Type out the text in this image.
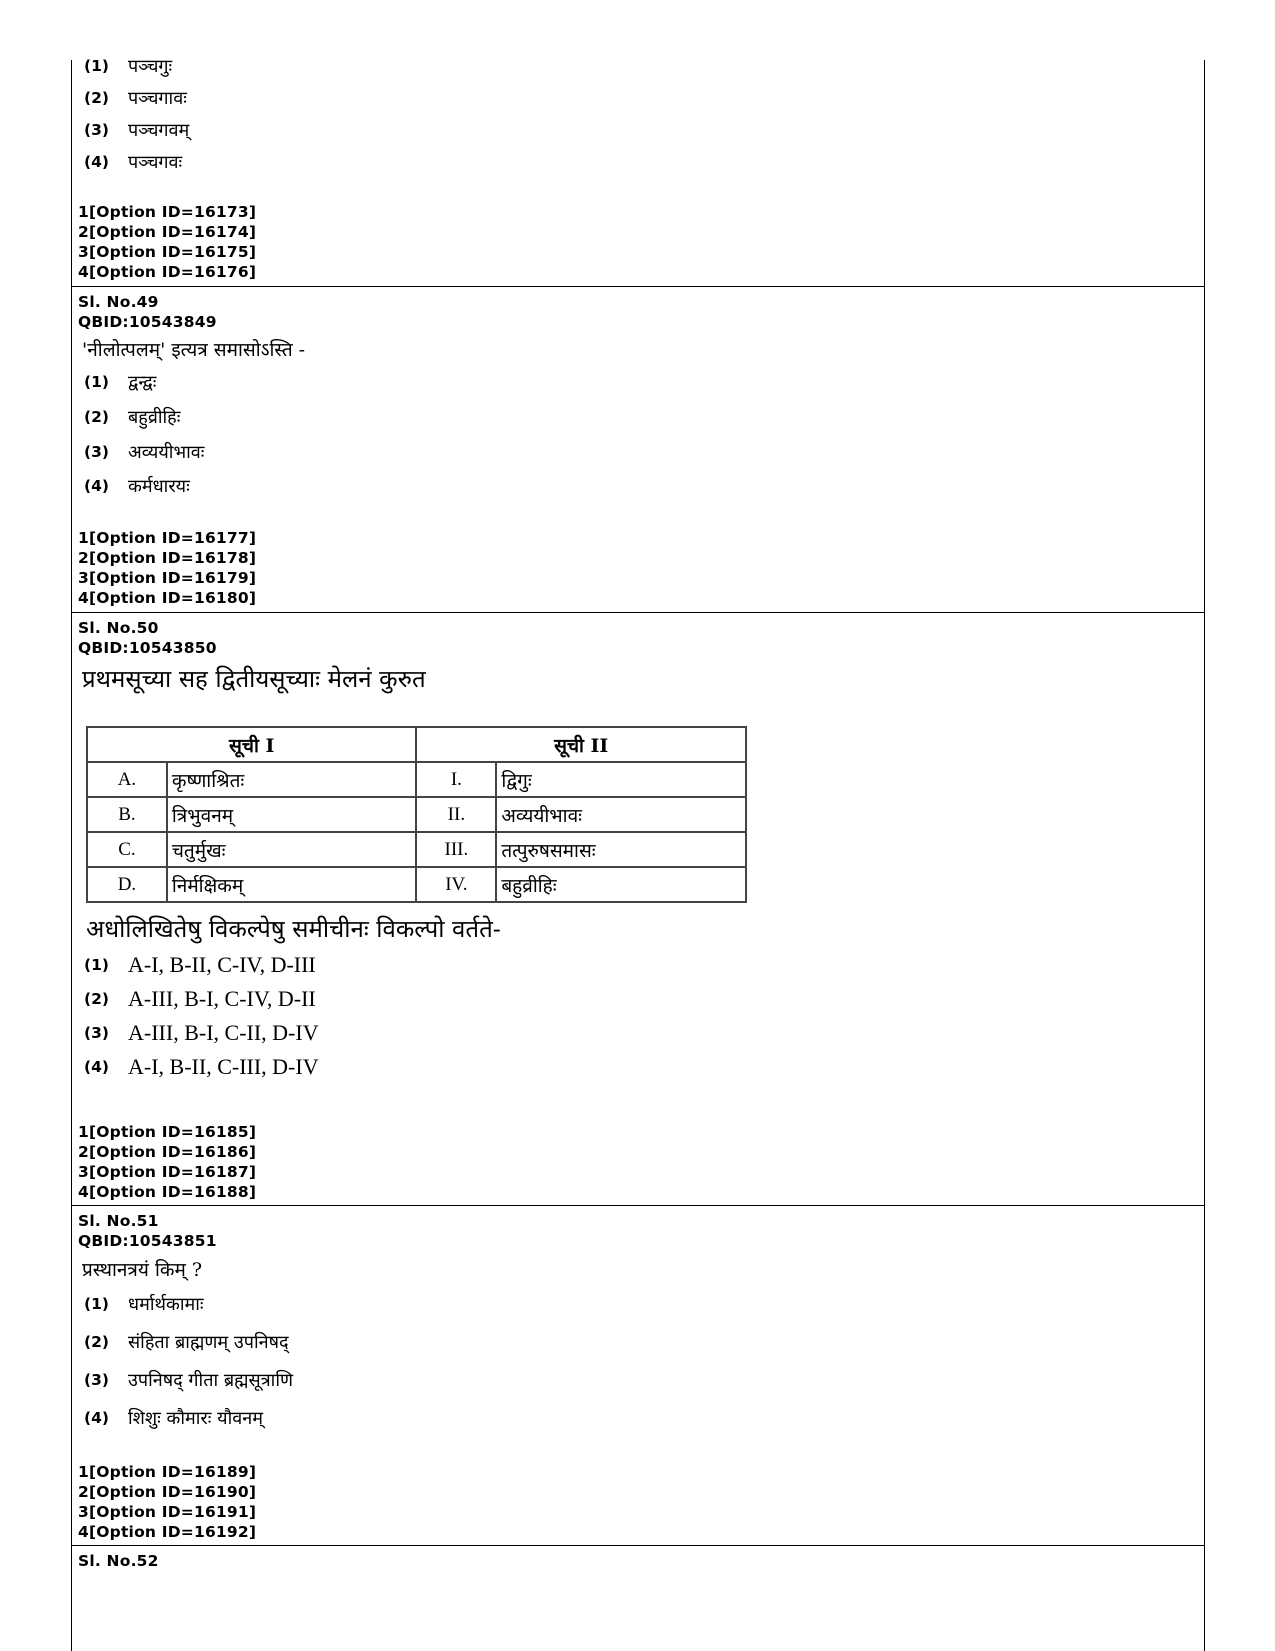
(1) पञ्चगुः
(2) पञ्चगावः
(3) पञ्चगवम्
(4) पञ्चगवः
1[Option ID=16173]
2[Option ID=16174]
3[Option ID=16175]
4[Option ID=16176]
Sl. No.49
QBID:10543849
'नीलोत्पलम्' इत्यत्र समासोऽस्ति -
(1) द्वन्द्वः
(2) बहुव्रीहिः
(3) अव्ययीभावः
(4) कर्मधारयः
1[Option ID=16177]
2[Option ID=16178]
3[Option ID=16179]
4[Option ID=16180]
Sl. No.50
QBID:10543850
प्रथमसूच्या सह द्वितीयसूच्याः मेलनं कुरुत
सूची I		सूची II	
A.	कृष्णाश्रितः	I.	द्विगुः
B.	त्रिभुवनम्	II.	अव्ययीभावः
C.	चतुर्मुखः	III.	तत्पुरुषसमासः
D.	निर्मक्षिकम्	IV.	बहुव्रीहिः
अधोलिखितेषु विकल्पेषु समीचीनः विकल्पो वर्तते-
(1) A-I, B-II, C-IV, D-III
(2) A-III, B-I, C-IV, D-II
(3) A-III, B-I, C-II, D-IV
(4) A-I, B-II, C-III, D-IV
1[Option ID=16185]
2[Option ID=16186]
3[Option ID=16187]
4[Option ID=16188]
Sl. No.51
QBID:10543851
प्रस्थानत्रयं किम् ?
(1) धर्मार्थकामाः
(2) संहिता ब्राह्मणम् उपनिषद्
(3) उपनिषद् गीता ब्रह्मसूत्राणि
(4) शिशुः कौमारः यौवनम्
1[Option ID=16189]
2[Option ID=16190]
3[Option ID=16191]
4[Option ID=16192]
Sl. No.52
